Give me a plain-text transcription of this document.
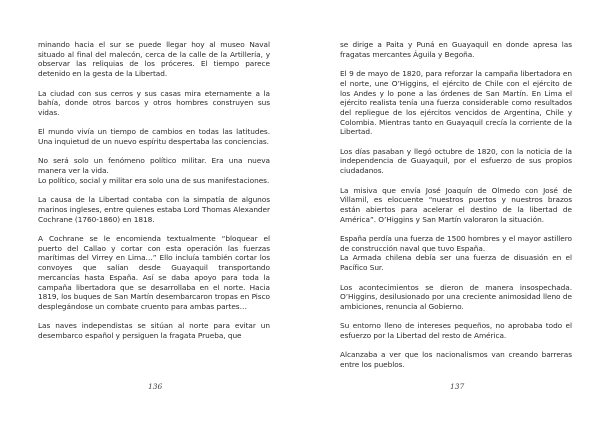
minando hacia el sur se puede llegar hoy al museo Naval situado al final del malecón, cerca de la calle de la Artillería, y observar las reliquias de los próceres. El tiempo parece detenido en la gesta de la Libertad.

La ciudad con sus cerros y sus casas mira eternamente a la bahía, donde otros barcos y otros hombres construyen sus vidas.

El mundo vivía un tiempo de cambios en todas las latitudes. Una inquietud de un nuevo espíritu despertaba las conciencias.

No será solo un fenómeno político militar. Era una nueva manera ver la vida.

Lo político, social y militar era solo una de sus manifestaciones.

La causa de la Libertad contaba con la simpatía de algunos marinos ingleses, entre quienes estaba Lord Thomas Alexander Cochrane (1760-1860) en 1818.

A Cochrane se le encomienda textualmente “bloquear el puerto del Callao y cortar con esta operación las fuerzas marítimas del Virrey en Lima…” Ello incluía también cortar los convoyes que salían desde Guayaquil transportando mercancías hasta España. Así se daba apoyo para toda la campaña libertadora que se desarrollaba en el norte. Hacia 1819, los buques de San Martín desembarcaron tropas en Pisco desplegándose un combate cruento para ambas partes…

Las naves independistas se sitúan al norte para evitar un desembarco español y persiguen la fragata Prueba, que

136

se dirige a Paita y Puná en Guayaquil en donde apresa las fragatas mercantes Águila y Begoña.

El 9 de mayo de 1820, para reforzar la campaña libertadora en el norte, une O’Higgins, el ejército de Chile con el ejército de los Andes y lo pone a las órdenes de San Martín. En Lima el ejército realista tenía una fuerza considerable como resultados del repliegue de los ejércitos vencidos de Argentina, Chile y Colombia. Mientras tanto en Guayaquil crecía la corriente de la Libertad.

Los días pasaban y llegó octubre de 1820, con la noticia de la independencia de Guayaquil, por el esfuerzo de sus propios ciudadanos.

La misiva que envía José Joaquín de Olmedo con José de Villamil, es elocuente “nuestros puertos y nuestros brazos están abiertos para acelerar el destino de la libertad de América”. O’Higgins y San Martín valoraron la situación.

España perdía una fuerza de 1500 hombres y el mayor astillero de construcción naval que tuvo España.

La Armada chilena debía ser una fuerza de disuasión en el Pacífico Sur.

Los acontecimientos se dieron de manera insospechada. O’Higgins, desilusionado por una creciente animosidad lleno de ambiciones, renuncia al Gobierno.

Su entorno lleno de intereses pequeños, no aprobaba todo el esfuerzo por la Libertad del resto de América.

Alcanzaba a ver que los nacionalismos van creando barreras entre los pueblos.

137
